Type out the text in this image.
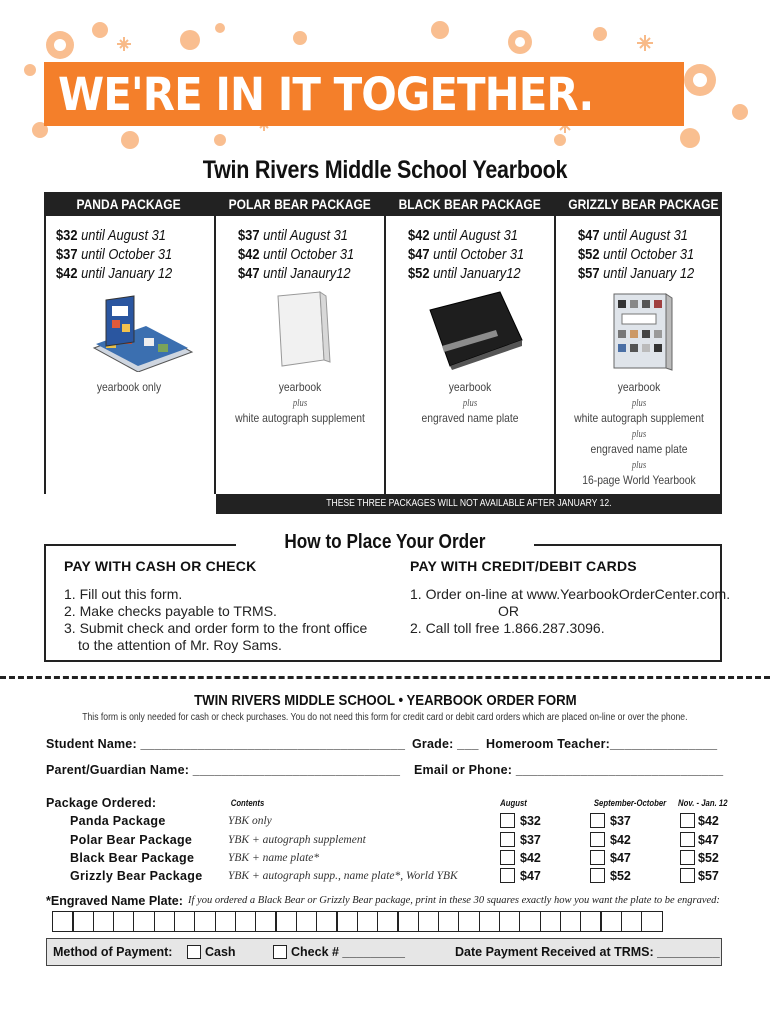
WE'RE IN IT TOGETHER.
Twin Rivers Middle School Yearbook
PANDA PACKAGE
$32 until August 31
$37 until October 31
$42 until January 12
yearbook only
POLAR BEAR PACKAGE
$37 until August 31
$42 until October 31
$47 until Janaury12
yearbook
plus
white autograph supplement
BLACK BEAR PACKAGE
$42 until August 31
$47 until October 31
$52 until January12
yearbook
plus
engraved name plate
GRIZZLY BEAR PACKAGE
$47 until August 31
$52 until October 31
$57 until January 12
yearbook
plus
white autograph supplement
plus
engraved name plate
plus
16-page World Yearbook
THESE THREE PACKAGES WILL NOT AVAILABLE AFTER JANUARY 12.
How to Place Your Order
PAY WITH CASH OR CHECK
1. Fill out this form.
2. Make checks payable to TRMS.
3. Submit check and order form to the front office
to the attention of Mr. Roy Sams.
PAY WITH CREDIT/DEBIT CARDS
1. Order on-line at www.YearbookOrderCenter.com.
OR
2. Call toll free 1.866.287.3096.
TWIN RIVERS MIDDLE SCHOOL • YEARBOOK ORDER FORM
This form is only needed for cash or check purchases. You do not need this form for credit card or debit card orders which are placed on-line or over the phone.
Student Name: _____________________________________ Grade: ___ Homeroom Teacher:_______________
Parent/Guardian Name: _____________________________ Email or Phone: _____________________________
Package Ordered:	Contents	August	September-October	Nov. - Jan. 12
Panda Package	YBK only	$32	$37	$42
Polar Bear Package	YBK + autograph supplement	$37	$42	$47
Black Bear Package	YBK + name plate*	$42	$47	$52
Grizzly Bear Package YBK + autograph supp., name plate*, World YBK	$47	$52	$57
*Engraved Name Plate: If you ordered a Black Bear or Grizzly Bear package, print in these 30 squares exactly how you want the plate to be engraved:
Method of Payment:	Cash	Check # _________	Date Payment Received at TRMS: _________
